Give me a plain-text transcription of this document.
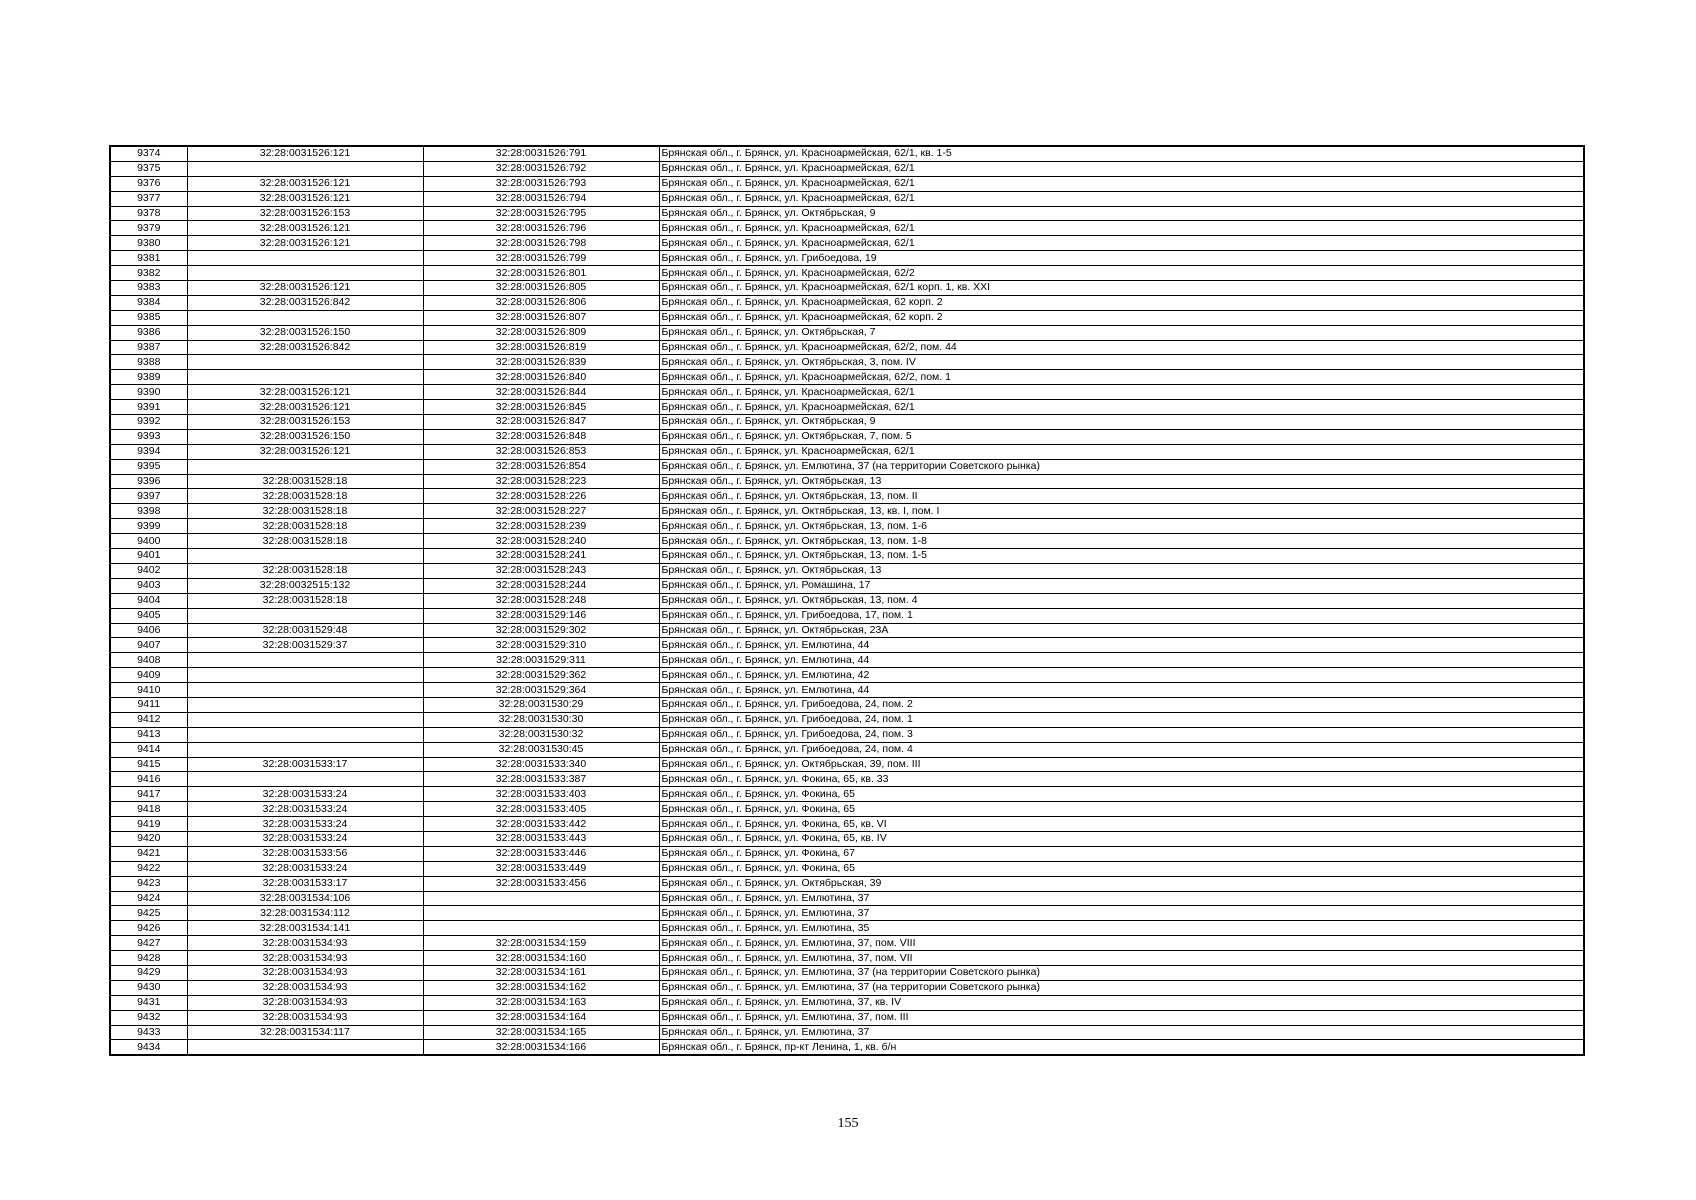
9374	32:28:0031526:121	32:28:0031526:791	Брянская обл., г. Брянск, ул. Красноармейская, 62/1, кв. 1-5
9375		32:28:0031526:792	Брянская обл., г. Брянск, ул. Красноармейская, 62/1
9376	32:28:0031526:121	32:28:0031526:793	Брянская обл., г. Брянск, ул. Красноармейская, 62/1
9377	32:28:0031526:121	32:28:0031526:794	Брянская обл., г. Брянск, ул. Красноармейская, 62/1
9378	32:28:0031526:153	32:28:0031526:795	Брянская обл., г. Брянск, ул. Октябрьская, 9
9379	32:28:0031526:121	32:28:0031526:796	Брянская обл., г. Брянск, ул. Красноармейская, 62/1
9380	32:28:0031526:121	32:28:0031526:798	Брянская обл., г. Брянск, ул. Красноармейская, 62/1
9381		32:28:0031526:799	Брянская обл., г. Брянск, ул. Грибоедова, 19
9382		32:28:0031526:801	Брянская обл., г. Брянск, ул. Красноармейская, 62/2
9383	32:28:0031526:121	32:28:0031526:805	Брянская обл., г. Брянск, ул. Красноармейская, 62/1 корп. 1, кв. XXI
9384	32:28:0031526:842	32:28:0031526:806	Брянская обл., г. Брянск, ул. Красноармейская, 62 корп. 2
9385		32:28:0031526:807	Брянская обл., г. Брянск, ул. Красноармейская, 62 корп. 2
9386	32:28:0031526:150	32:28:0031526:809	Брянская обл., г. Брянск, ул. Октябрьская, 7
9387	32:28:0031526:842	32:28:0031526:819	Брянская обл., г. Брянск, ул. Красноармейская, 62/2, пом. 44
9388		32:28:0031526:839	Брянская обл., г. Брянск, ул. Октябрьская, 3, пом. IV
9389		32:28:0031526:840	Брянская обл., г. Брянск, ул. Красноармейская, 62/2, пом. 1
9390	32:28:0031526:121	32:28:0031526:844	Брянская обл., г. Брянск, ул. Красноармейская, 62/1
9391	32:28:0031526:121	32:28:0031526:845	Брянская обл., г. Брянск, ул. Красноармейская, 62/1
9392	32:28:0031526:153	32:28:0031526:847	Брянская обл., г. Брянск, ул. Октябрьская, 9
9393	32:28:0031526:150	32:28:0031526:848	Брянская обл., г. Брянск, ул. Октябрьская, 7, пом. 5
9394	32:28:0031526:121	32:28:0031526:853	Брянская обл., г. Брянск, ул. Красноармейская, 62/1
9395		32:28:0031526:854	Брянская обл., г. Брянск, ул. Емлютина, 37 (на территории Советского рынка)
9396	32:28:0031528:18	32:28:0031528:223	Брянская обл., г. Брянск, ул. Октябрьская, 13
9397	32:28:0031528:18	32:28:0031528:226	Брянская обл., г. Брянск, ул. Октябрьская, 13, пом. II
9398	32:28:0031528:18	32:28:0031528:227	Брянская обл., г. Брянск, ул. Октябрьская, 13, кв. I, пом. I
9399	32:28:0031528:18	32:28:0031528:239	Брянская обл., г. Брянск, ул. Октябрьская, 13, пом. 1-6
9400	32:28:0031528:18	32:28:0031528:240	Брянская обл., г. Брянск, ул. Октябрьская, 13, пом. 1-8
9401		32:28:0031528:241	Брянская обл., г. Брянск, ул. Октябрьская, 13, пом. 1-5
9402	32:28:0031528:18	32:28:0031528:243	Брянская обл., г. Брянск, ул. Октябрьская, 13
9403	32:28:0032515:132	32:28:0031528:244	Брянская обл., г. Брянск, ул. Ромашина, 17
9404	32:28:0031528:18	32:28:0031528:248	Брянская обл., г. Брянск, ул. Октябрьская, 13, пом. 4
9405		32:28:0031529:146	Брянская обл., г. Брянск, ул. Грибоедова, 17, пом. 1
9406	32:28:0031529:48	32:28:0031529:302	Брянская обл., г. Брянск, ул. Октябрьская, 23А
9407	32:28:0031529:37	32:28:0031529:310	Брянская обл., г. Брянск, ул. Емлютина, 44
9408		32:28:0031529:311	Брянская обл., г. Брянск, ул. Емлютина, 44
9409		32:28:0031529:362	Брянская обл., г. Брянск, ул. Емлютина, 42
9410		32:28:0031529:364	Брянская обл., г. Брянск, ул. Емлютина, 44
9411		32:28:0031530:29	Брянская обл., г. Брянск, ул. Грибоедова, 24, пом. 2
9412		32:28:0031530:30	Брянская обл., г. Брянск, ул. Грибоедова, 24, пом. 1
9413		32:28:0031530:32	Брянская обл., г. Брянск, ул. Грибоедова, 24, пом. 3
9414		32:28:0031530:45	Брянская обл., г. Брянск, ул. Грибоедова, 24, пом. 4
9415	32:28:0031533:17	32:28:0031533:340	Брянская обл., г. Брянск, ул. Октябрьская, 39, пом. III
9416		32:28:0031533:387	Брянская обл., г. Брянск, ул. Фокина, 65, кв. 33
9417	32:28:0031533:24	32:28:0031533:403	Брянская обл., г. Брянск, ул. Фокина, 65
9418	32:28:0031533:24	32:28:0031533:405	Брянская обл., г. Брянск, ул. Фокина, 65
9419	32:28:0031533:24	32:28:0031533:442	Брянская обл., г. Брянск, ул. Фокина, 65, кв. VI
9420	32:28:0031533:24	32:28:0031533:443	Брянская обл., г. Брянск, ул. Фокина, 65, кв. IV
9421	32:28:0031533:56	32:28:0031533:446	Брянская обл., г. Брянск, ул. Фокина, 67
9422	32:28:0031533:24	32:28:0031533:449	Брянская обл., г. Брянск, ул. Фокина, 65
9423	32:28:0031533:17	32:28:0031533:456	Брянская обл., г. Брянск, ул. Октябрьская, 39
9424	32:28:0031534:106		Брянская обл., г. Брянск, ул. Емлютина, 37
9425	32:28:0031534:112		Брянская обл., г. Брянск, ул. Емлютина, 37
9426	32:28:0031534:141		Брянская обл., г. Брянск, ул. Емлютина, 35
9427	32:28:0031534:93	32:28:0031534:159	Брянская обл., г. Брянск, ул. Емлютина, 37, пом. VIII
9428	32:28:0031534:93	32:28:0031534:160	Брянская обл., г. Брянск, ул. Емлютина, 37, пом. VII
9429	32:28:0031534:93	32:28:0031534:161	Брянская обл., г. Брянск, ул. Емлютина, 37 (на территории Советского рынка)
9430	32:28:0031534:93	32:28:0031534:162	Брянская обл., г. Брянск, ул. Емлютина, 37 (на территории Советского рынка)
9431	32:28:0031534:93	32:28:0031534:163	Брянская обл., г. Брянск, ул. Емлютина, 37, кв. IV
9432	32:28:0031534:93	32:28:0031534:164	Брянская обл., г. Брянск, ул. Емлютина, 37, пом. III
9433	32:28:0031534:117	32:28:0031534:165	Брянская обл., г. Брянск, ул. Емлютина, 37
9434		32:28:0031534:166	Брянская обл., г. Брянск, пр-кт Ленина, 1, кв. б/н
155
